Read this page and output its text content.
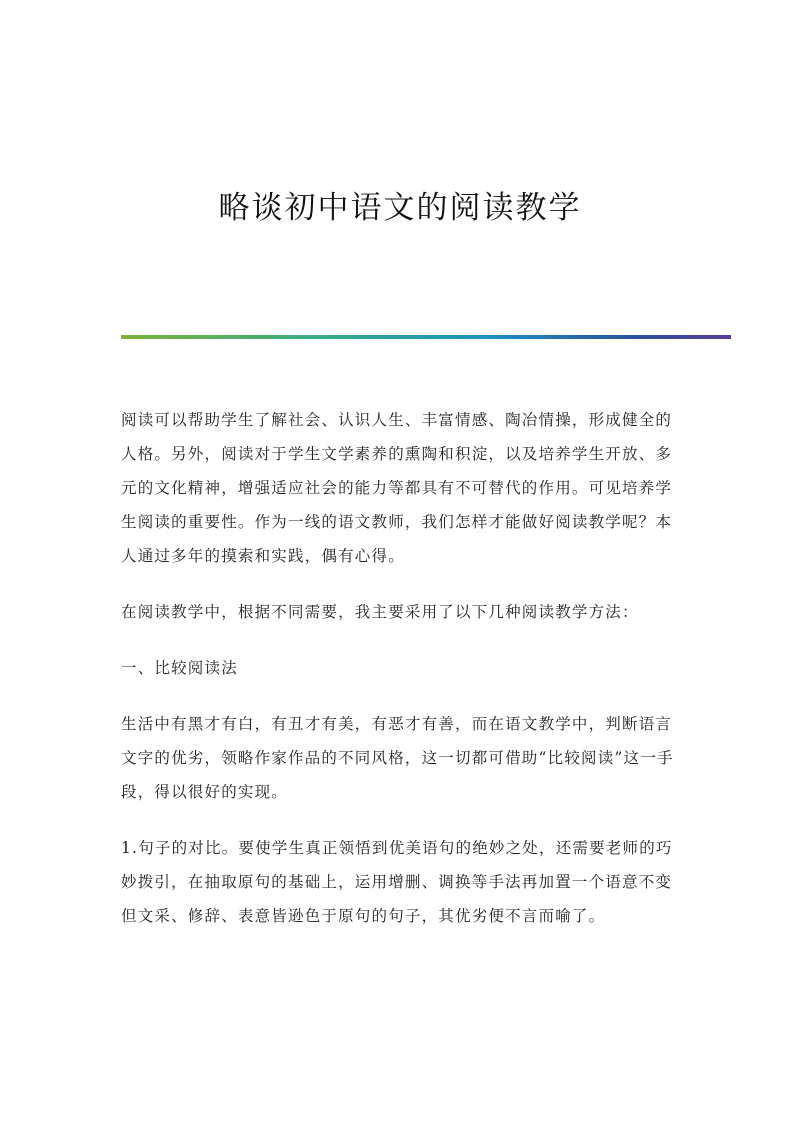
略谈初中语文的阅读教学

阅读可以帮助学生了解社会、认识人生、丰富情感、陶冶情操，形成健全的人格。另外，阅读对于学生文学素养的熏陶和积淀，以及培养学生开放、多元的文化精神，增强适应社会的能力等都具有不可替代的作用。可见培养学生阅读的重要性。作为一线的语文教师，我们怎样才能做好阅读教学呢？本人通过多年的摸索和实践，偶有心得。

在阅读教学中，根据不同需要，我主要采用了以下几种阅读教学方法：

一、比较阅读法

生活中有黑才有白，有丑才有美，有恶才有善，而在语文教学中，判断语言文字的优劣，领略作家作品的不同风格，这一切都可借助“比较阅读”这一手段，得以很好的实现。

1.句子的对比。要使学生真正领悟到优美语句的绝妙之处，还需要老师的巧妙拨引，在抽取原句的基础上，运用增删、调换等手法再加置一个语意不变但文采、修辞、表意皆逊色于原句的句子，其优劣便不言而喻了。
